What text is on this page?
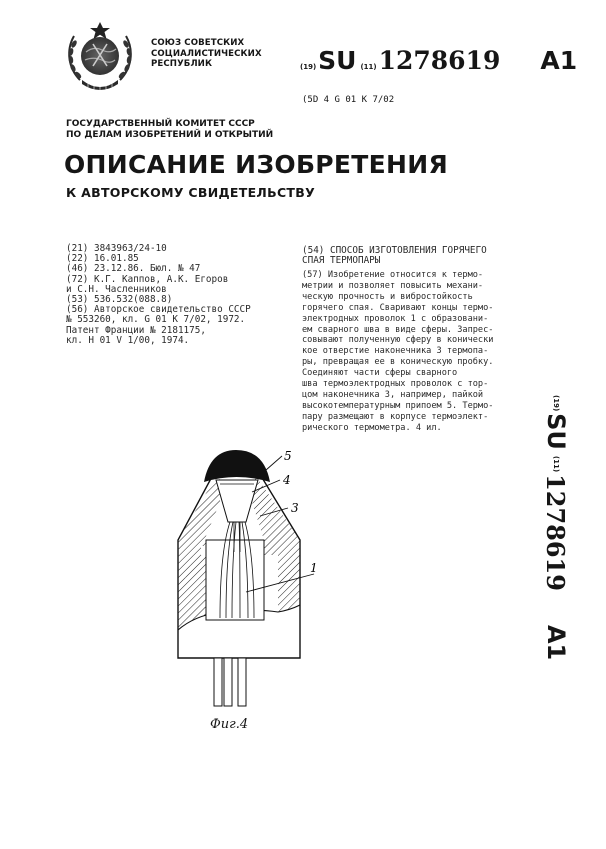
СОЮЗ СОВЕТСКИХ
СОЦИАЛИСТИЧЕСКИХ
РЕСПУБЛИК	(19) SU (11) 1278619 A1
(5D 4 G 01 K 7/02
ГОСУДАРСТВЕННЫЙ КОМИТЕТ СССР
ПО ДЕЛАМ ИЗОБРЕТЕНИЙ И ОТКРЫТИЙ
ОПИСАНИЕ ИЗОБРЕТЕНИЯ
К АВТОРСКОМУ СВИДЕТЕЛЬСТВУ
(21) 3843963/24-10
(22) 16.01.85
(46) 23.12.86. Бюл. № 47
(72) К.Г. Каппов, А.К. Егоров
и С.Н. Часленников
(53) 536.532(088.8)
(56) Авторское свидетельство СССР
№ 553260, кл. G 01 K 7/02, 1972.
Патент Франции № 2181175,
кл. H 01 V 1/00, 1974.
(54) СПОСОБ ИЗГОТОВЛЕНИЯ ГОРЯЧЕГО
СПАЯ ТЕРМОПАРЫ
(57) Изобретение относится к термо-
метрии и позволяет повысить механи-
ческую прочность и вибростойкость
горячего спая. Сваривают концы термо-
электродных проволок 1 с образовани-
ем сварного шва в виде сферы. Запрес-
совывают полученную сферу в конически
кое отверстие наконечника 3 термопа-
ры, превращая ее в коническую пробку.
Соединяют части сферы сварного
шва термоэлектродных проволок с тор-
цом наконечника 3, например, пайкой
высокотемпературным припоем 5. Термо-
пару размещают в корпусе термоэлект-
рического термометра. 4 ил.
(19)
SU
(11)
1278619
A1
5
4
3
1
Фиг.4
